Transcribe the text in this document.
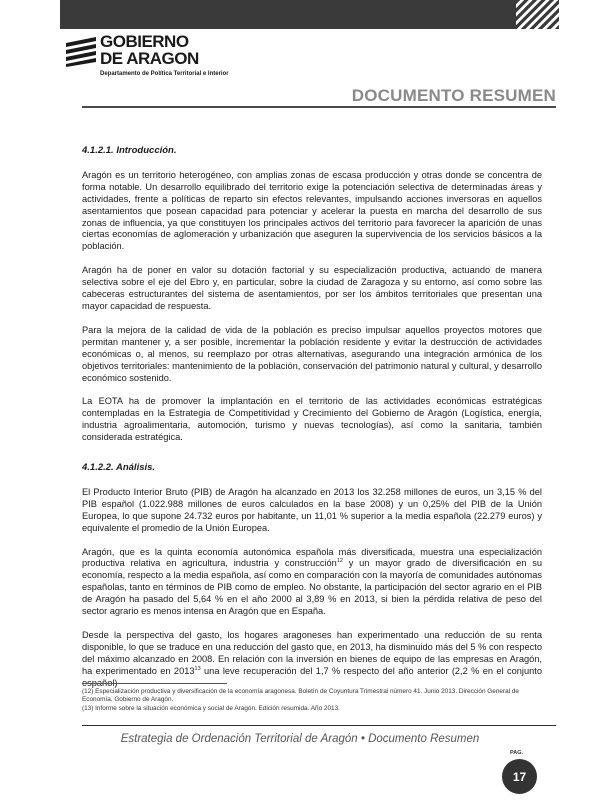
GOBIERNO
DE ARAGON
Departamento de Política Territorial e Interior
DOCUMENTO RESUMEN
4.1.2.1. Introducción.

Aragón es un territorio heterogéneo, con amplias zonas de escasa producción y otras donde se concentra de forma notable. Un desarrollo equilibrado del territorio exige la potenciación selectiva de determinadas áreas y actividades, frente a políticas de reparto sin efectos relevantes, impulsando acciones inversoras en aquellos asentamientos que posean capacidad para potenciar y acelerar la puesta en marcha del desarrollo de sus zonas de influencia, ya que constituyen los principales activos del territorio para favorecer la aparición de unas ciertas economías de aglomeración y urbanización que aseguren la supervivencia de los servicios básicos a la población.

Aragón ha de poner en valor su dotación factorial y su especialización productiva, actuando de manera selectiva sobre el eje del Ebro y, en particular, sobre la ciudad de Zaragoza y su entorno, así como sobre las cabeceras estructurantes del sistema de asentamientos, por ser los ámbitos territoriales que presentan una mayor capacidad de respuesta.

Para la mejora de la calidad de vida de la población es preciso impulsar aquellos proyectos motores que permitan mantener y, a ser posible, incrementar la población residente y evitar la destrucción de actividades económicas o, al menos, su reemplazo por otras alternativas, asegurando una integración armónica de los objetivos territoriales: mantenimiento de la población, conservación del patrimonio natural y cultural, y desarrollo económico sostenido.

La EOTA ha de promover la implantación en el territorio de las actividades económicas estratégicas contempladas en la Estrategia de Competitividad y Crecimiento del Gobierno de Aragón (Logística, energía, industria agroalimentaria, automoción, turismo y nuevas tecnologías), así como la sanitaria, también considerada estratégica.

4.1.2.2. Análisis.

El Producto Interior Bruto (PIB) de Aragón ha alcanzado en 2013 los 32.258 millones de euros, un 3,15 % del PIB español (1.022.988 millones de euros calculados en la base 2008) y un 0,25% del PIB de la Unión Europea, lo que supone 24.732 euros por habitante, un 11,01 % superior a la media española (22.279 euros) y equivalente el promedio de la Unión Europea.

Aragón, que es la quinta economía autonómica española más diversificada, muestra una especialización productiva relativa en agricultura, industria y construcción$^{12}$ y un mayor grado de diversificación en su economía, respecto a la media española, así como en comparación con la mayoría de comunidades autónomas españolas, tanto en términos de PIB como de empleo. No obstante, la participación del sector agrario en el PIB de Aragón ha pasado del 5,64 % en el año 2000 al 3,89 % en 2013, si bien la pérdida relativa de peso del sector agrario es menos intensa en Aragón que en España.

Desde la perspectiva del gasto, los hogares aragoneses han experimentado una reducción de su renta disponible, lo que se traduce en una reducción del gasto que, en 2013, ha disminuido más del 5 % con respecto del máximo alcanzado en 2008. En relación con la inversión en bienes de equipo de las empresas en Aragón, ha experimentado en 2013$^{13}$ una leve recuperación del 1,7 % respecto del año anterior (2,2 % en el conjunto

(12) Especialización productiva y diversificación de la economía aragonesa. Boletín de Coyuntura Trimestral número 41. Junio 2013. Dirección General de Economía. Gobierno de Aragón.

(13) Informe sobre la situación económica y social de Aragón. Edición resumida. Año 2013.

Estrategia de Ordenación Territorial de Aragón • Documento Resumen
PAG.
17
